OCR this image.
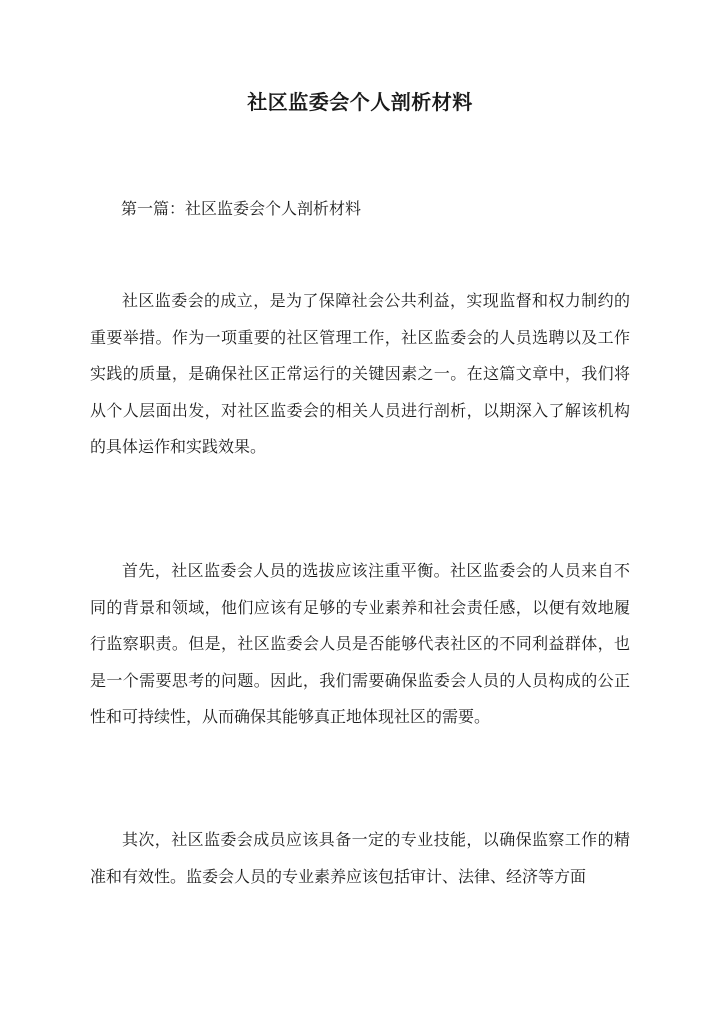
社区监委会个人剖析材料

第一篇：社区监委会个人剖析材料

社区监委会的成立，是为了保障社会公共利益，实现监督和权力制约的重要举措。作为一项重要的社区管理工作，社区监委会的人员选聘以及工作实践的质量，是确保社区正常运行的关键因素之一。在这篇文章中，我们将从个人层面出发，对社区监委会的相关人员进行剖析，以期深入了解该机构的具体运作和实践效果。

首先，社区监委会人员的选拔应该注重平衡。社区监委会的人员来自不同的背景和领域，他们应该有足够的专业素养和社会责任感，以便有效地履行监察职责。但是，社区监委会人员是否能够代表社区的不同利益群体，也是一个需要思考的问题。因此，我们需要确保监委会人员的人员构成的公正性和可持续性，从而确保其能够真正地体现社区的需要。

其次，社区监委会成员应该具备一定的专业技能，以确保监察工作的精准和有效性。监委会人员的专业素养应该包括审计、法律、经济等方面
